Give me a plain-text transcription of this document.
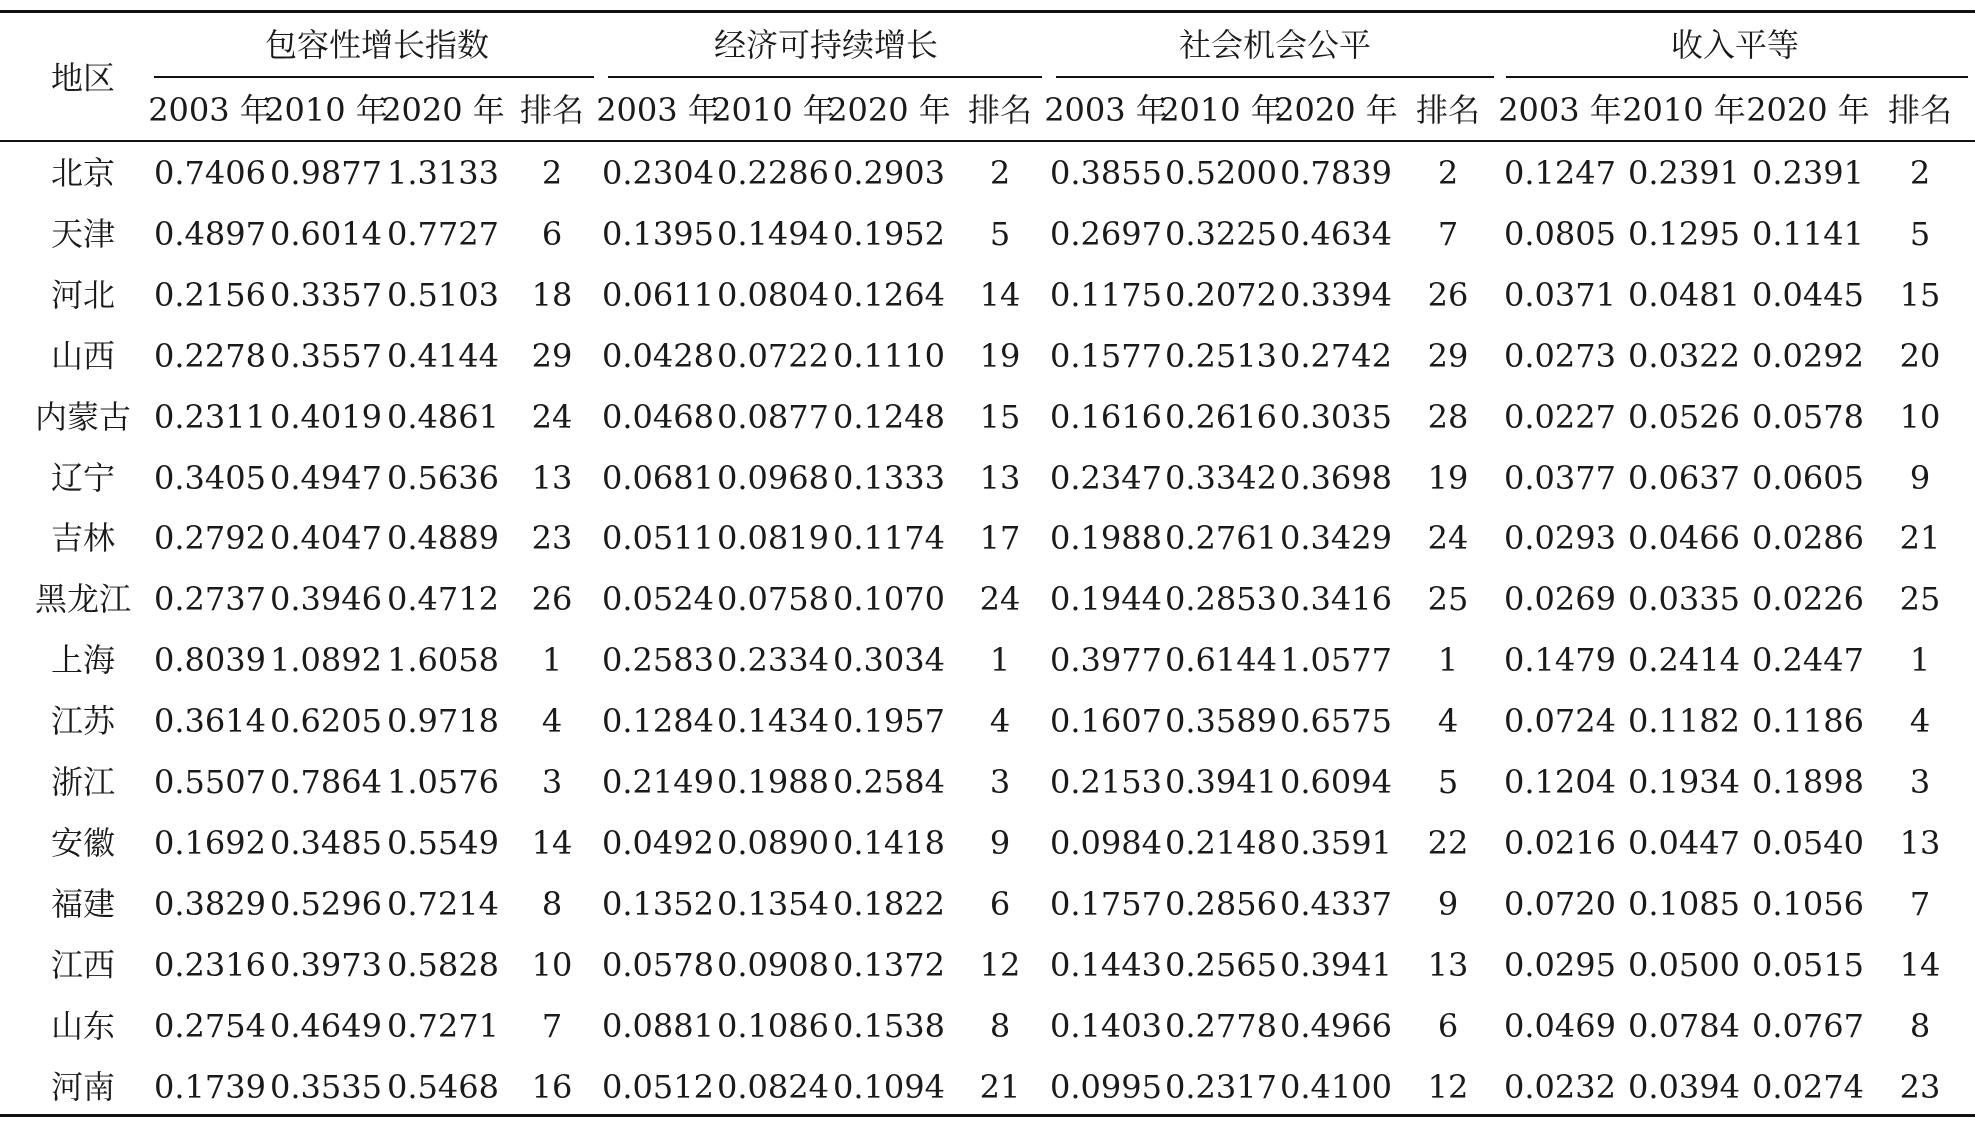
地区
包容性增长指数
2003 年
2010 年
2020 年 排名
经济可持续增长
2003 年
2010 年
2020 年 排名
社会机会公平
2003 年
2010 年
2020 年 排名
收入平等
2003 年 2010 年 2020 年 排名
北京 0.7406 0.9877 1.3133 2 0.2304 0.2286 0.2903 2 0.3855 0.5200 0.7839 2 0.1247 0.2391 0.2391 2
天津 0.4897 0.6014 0.7727 6 0.1395 0.1494 0.1952 5 0.2697 0.3225 0.4634 7 0.0805 0.1295 0.1141 5
河北 0.2156 0.3357 0.5103 18 0.0611 0.0804 0.1264 14 0.1175 0.2072 0.3394 26 0.0371 0.0481 0.0445 15
山西 0.2278 0.3557 0.4144 29 0.0428 0.0722 0.1110 19 0.1577 0.2513 0.2742 29 0.0273 0.0322 0.0292 20
内蒙古 0.2311 0.4019 0.4861 24 0.0468 0.0877 0.1248 15 0.1616 0.2616 0.3035 28 0.0227 0.0526 0.0578 10
辽宁 0.3405 0.4947 0.5636 13 0.0681 0.0968 0.1333 13 0.2347 0.3342 0.3698 19 0.0377 0.0637 0.0605 9
吉林 0.2792 0.4047 0.4889 23 0.0511 0.0819 0.1174 17 0.1988 0.2761 0.3429 24 0.0293 0.0466 0.0286 21
黑龙江 0.2737 0.3946 0.4712 26 0.0524 0.0758 0.1070 24 0.1944 0.2853 0.3416 25 0.0269 0.0335 0.0226 25
上海 0.8039 1.0892 1.6058 1 0.2583 0.2334 0.3034 1 0.3977 0.6144 1.0577 1 0.1479 0.2414 0.2447 1
江苏 0.3614 0.6205 0.9718 4 0.1284 0.1434 0.1957 4 0.1607 0.3589 0.6575 4 0.0724 0.1182 0.1186 4
浙江 0.5507 0.7864 1.0576 3 0.2149 0.1988 0.2584 3 0.2153 0.3941 0.6094 5 0.1204 0.1934 0.1898 3
安徽 0.1692 0.3485 0.5549 14 0.0492 0.0890 0.1418 9 0.0984 0.2148 0.3591 22 0.0216 0.0447 0.0540 13
福建 0.3829 0.5296 0.7214 8 0.1352 0.1354 0.1822 6 0.1757 0.2856 0.4337 9 0.0720 0.1085 0.1056 7
江西 0.2316 0.3973 0.5828 10 0.0578 0.0908 0.1372 12 0.1443 0.2565 0.3941 13 0.0295 0.0500 0.0515 14
山东 0.2754 0.4649 0.7271 7 0.0881 0.1086 0.1538 8 0.1403 0.2778 0.4966 6 0.0469 0.0784 0.0767 8
河南 0.1739 0.3535 0.5468 16 0.0512 0.0824 0.1094 21 0.0995 0.2317 0.4100 12 0.0232 0.0394 0.0274 23
